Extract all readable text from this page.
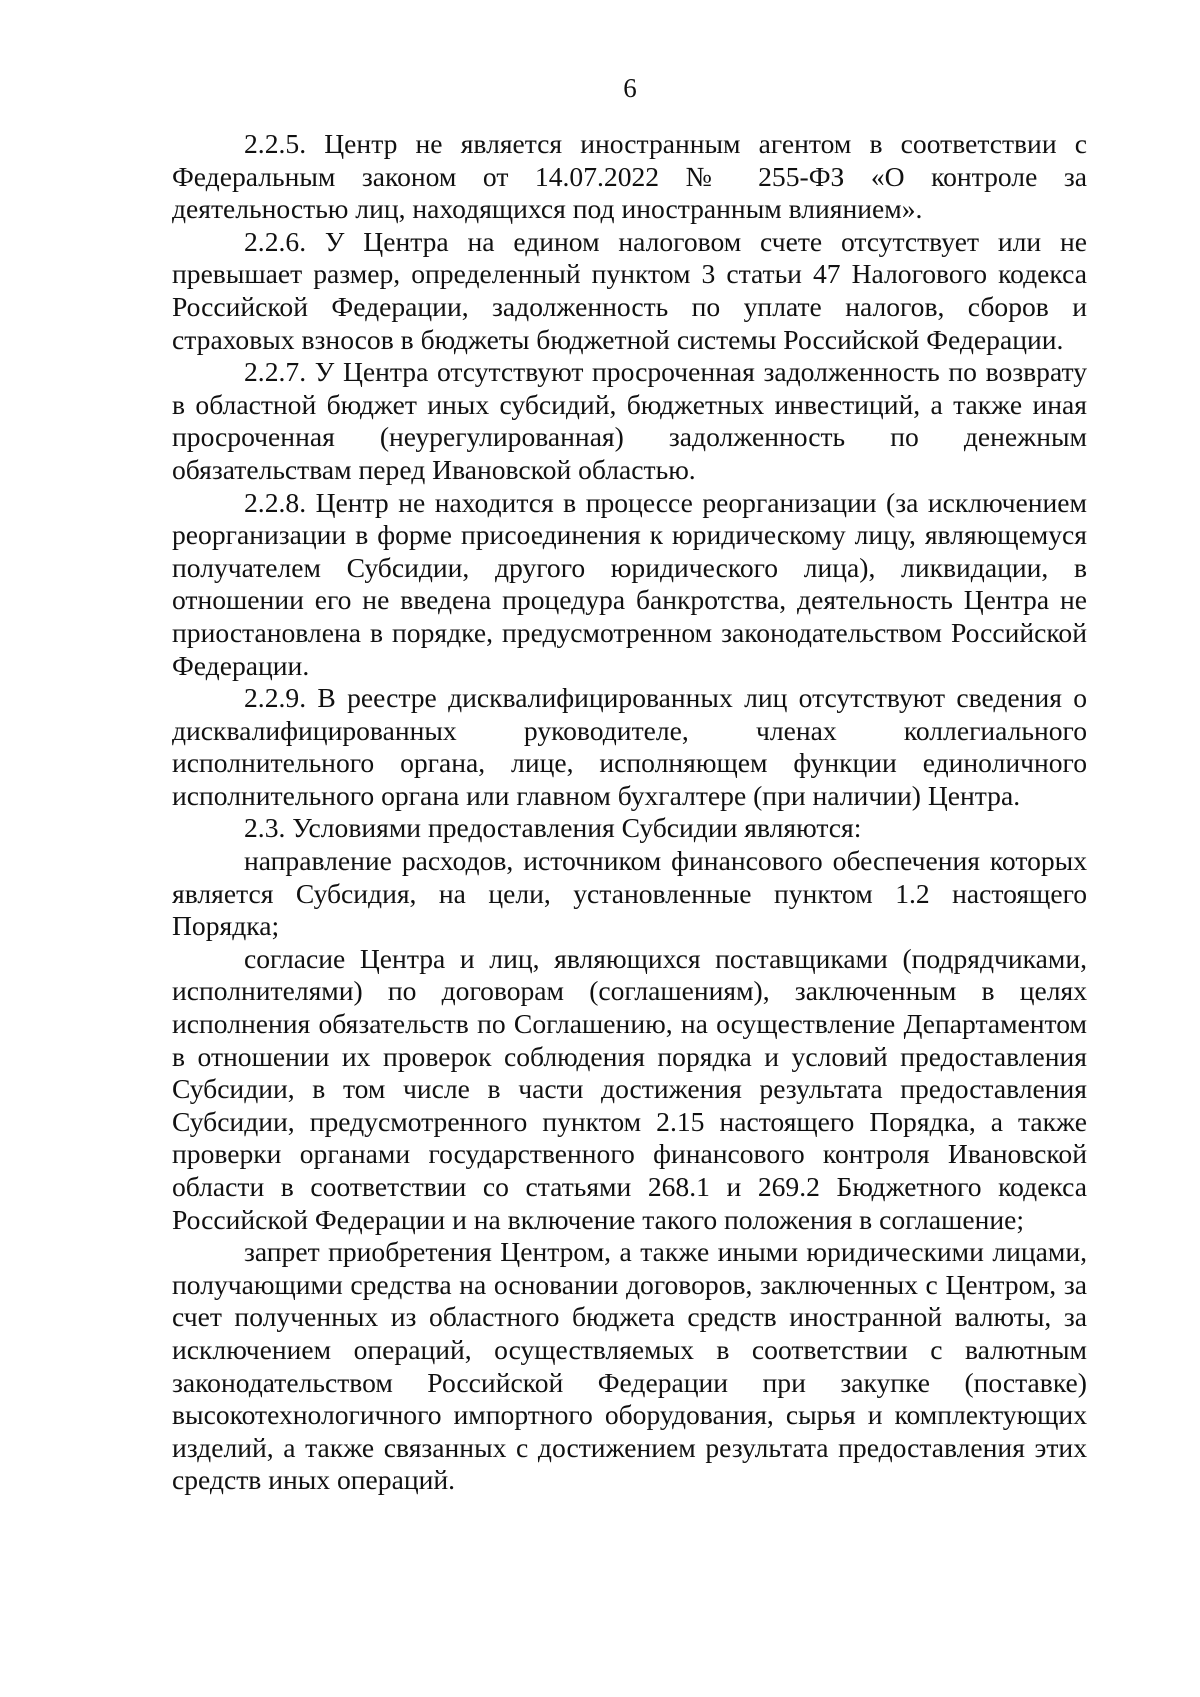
6

2.2.5. Центр не является иностранным агентом в соответствии с Федеральным законом от 14.07.2022 № 255-ФЗ «О контроле за деятельностью лиц, находящихся под иностранным влиянием».

2.2.6. У Центра на едином налоговом счете отсутствует или не превышает размер, определенный пунктом 3 статьи 47 Налогового кодекса Российской Федерации, задолженность по уплате налогов, сборов и страховых взносов в бюджеты бюджетной системы Российской Федерации.

2.2.7. У Центра отсутствуют просроченная задолженность по возврату в областной бюджет иных субсидий, бюджетных инвестиций, а также иная просроченная (неурегулированная) задолженность по денежным обязательствам перед Ивановской областью.

2.2.8. Центр не находится в процессе реорганизации (за исключением реорганизации в форме присоединения к юридическому лицу, являющемуся получателем Субсидии, другого юридического лица), ликвидации, в отношении его не введена процедура банкротства, деятельность Центра не приостановлена в порядке, предусмотренном законодательством Российской Федерации.

2.2.9. В реестре дисквалифицированных лиц отсутствуют сведения о дисквалифицированных руководителе, членах коллегиального исполнительного органа, лице, исполняющем функции единоличного исполнительного органа или главном бухгалтере (при наличии) Центра.

2.3. Условиями предоставления Субсидии являются:

направление расходов, источником финансового обеспечения которых является Субсидия, на цели, установленные пунктом 1.2 настоящего Порядка;

согласие Центра и лиц, являющихся поставщиками (подрядчиками, исполнителями) по договорам (соглашениям), заключенным в целях исполнения обязательств по Соглашению, на осуществление Департаментом в отношении их проверок соблюдения порядка и условий предоставления Субсидии, в том числе в части достижения результата предоставления Субсидии, предусмотренного пунктом 2.15 настоящего Порядка, а также проверки органами государственного финансового контроля Ивановской области в соответствии со статьями 268.1 и 269.2 Бюджетного кодекса Российской Федерации и на включение такого положения в соглашение;

запрет приобретения Центром, а также иными юридическими лицами, получающими средства на основании договоров, заключенных с Центром, за счет полученных из областного бюджета средств иностранной валюты, за исключением операций, осуществляемых в соответствии с валютным законодательством Российской Федерации при закупке (поставке) высокотехнологичного импортного оборудования, сырья и комплектующих изделий, а также связанных с достижением результата предоставления этих средств иных операций.
